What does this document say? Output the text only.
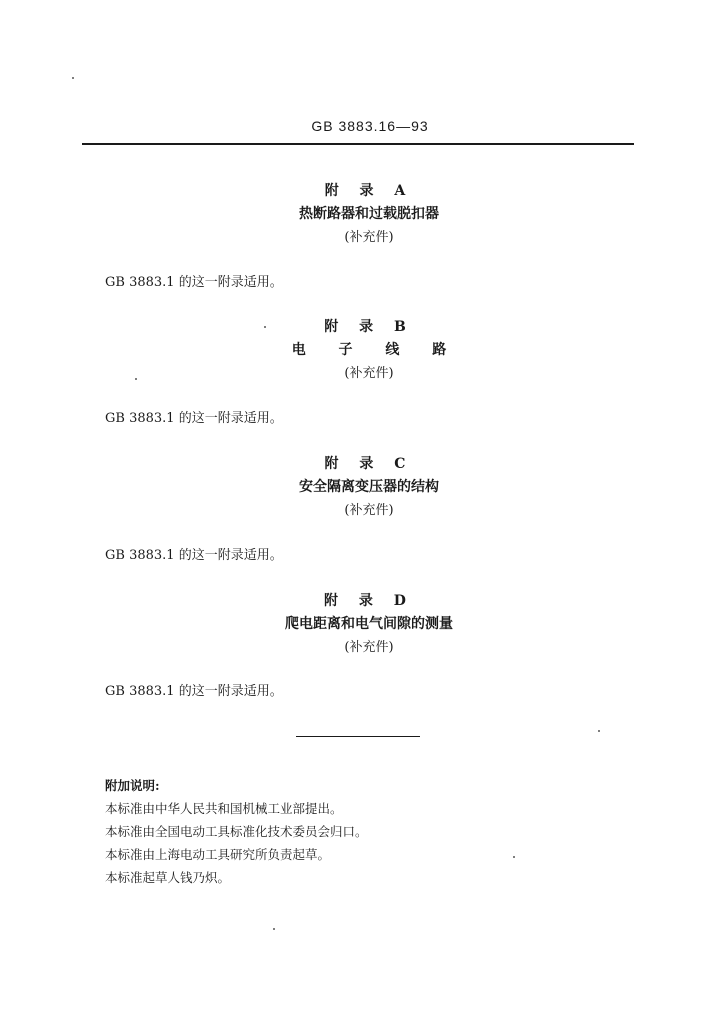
GB 3883.16—93
附 录 A
热断路器和过载脱扣器
(补充件)
GB 3883.1 的这一附录适用。
附 录 B
电 子 线 路
(补充件)
GB 3883.1 的这一附录适用。
附 录 C
安全隔离变压器的结构
(补充件)
GB 3883.1 的这一附录适用。
附 录 D
爬电距离和电气间隙的测量
(补充件)
GB 3883.1 的这一附录适用。
附加说明:
本标准由中华人民共和国机械工业部提出。
本标准由全国电动工具标准化技术委员会归口。
本标准由上海电动工具研究所负责起草。
本标准起草人钱乃炽。
